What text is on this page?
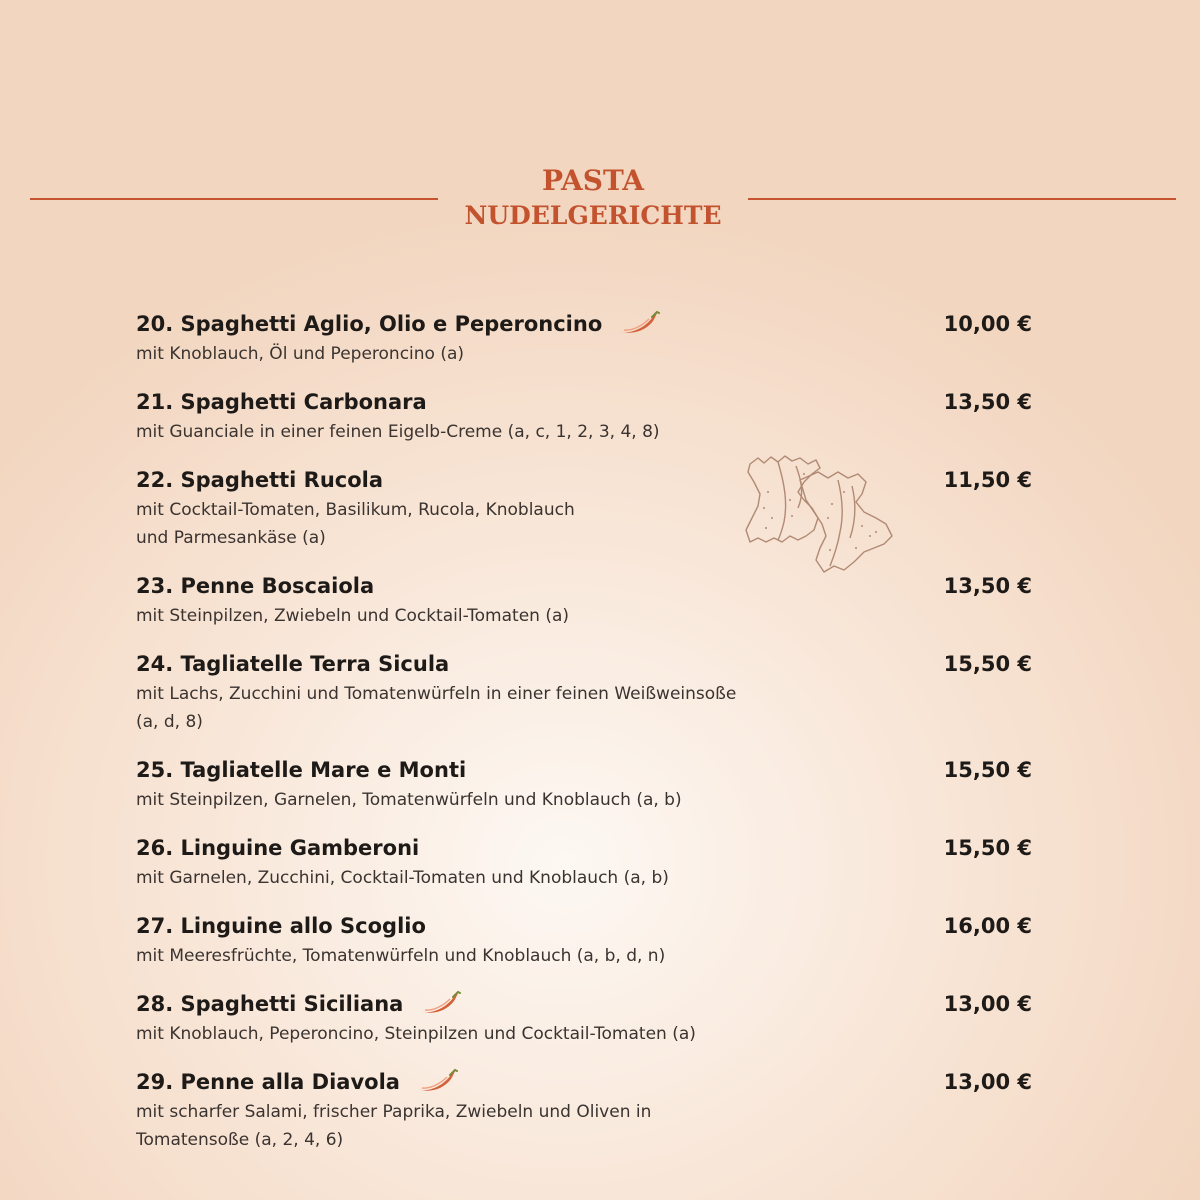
PASTA
NUDELGERICHTE
20. Spaghetti Aglio, Olio e Peperoncino
mit Knoblauch, Öl und Peperoncino (a)
10,00 €
21. Spaghetti Carbonara
mit Guanciale in einer feinen Eigelb-Creme (a, c, 1, 2, 3, 4, 8)
13,50 €
22. Spaghetti Rucola
mit Cocktail-Tomaten, Basilikum, Rucola, Knoblauch
und Parmesankäse (a)
11,50 €
23. Penne Boscaiola
mit Steinpilzen, Zwiebeln und Cocktail-Tomaten (a)
13,50 €
24. Tagliatelle Terra Sicula
mit Lachs, Zucchini und Tomatenwürfeln in einer feinen Weißweinsoße
(a, d, 8)
15,50 €
25. Tagliatelle Mare e Monti
mit Steinpilzen, Garnelen, Tomatenwürfeln und Knoblauch (a, b)
15,50 €
26. Linguine Gamberoni
mit Garnelen, Zucchini, Cocktail-Tomaten und Knoblauch (a, b)
15,50 €
27. Linguine allo Scoglio
mit Meeresfrüchte, Tomatenwürfeln und Knoblauch (a, b, d, n)
16,00 €
28. Spaghetti Siciliana
mit Knoblauch, Peperoncino, Steinpilzen und Cocktail-Tomaten (a)
13,00 €
29. Penne alla Diavola
mit scharfer Salami, frischer Paprika, Zwiebeln und Oliven in
Tomatensoße (a, 2, 4, 6)
13,00 €
